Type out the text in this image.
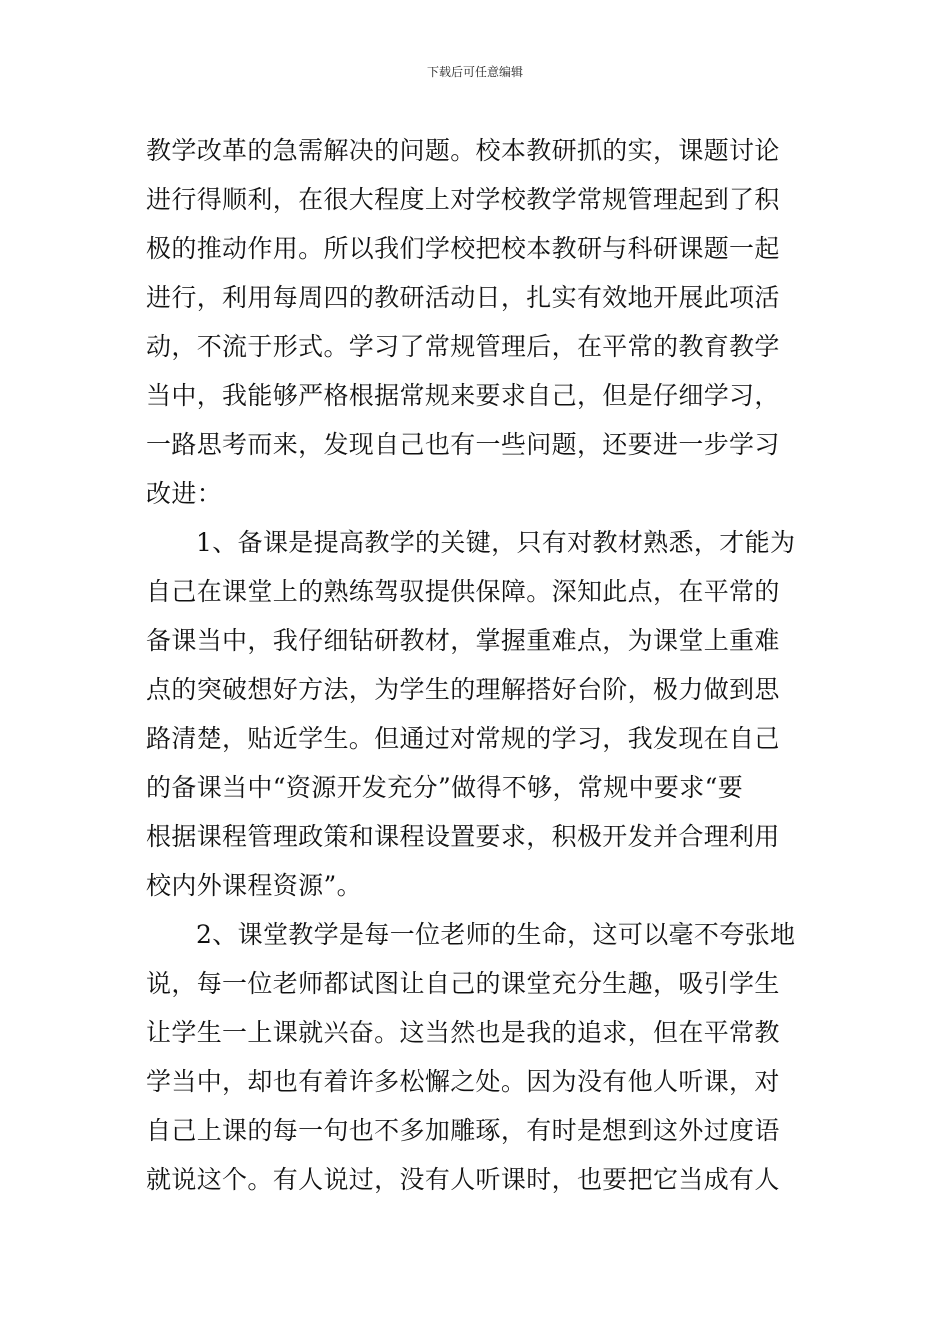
下载后可任意编辑
教学改革的急需解决的问题。校本教研抓的实，课题讨论
进行得顺利，在很大程度上对学校教学常规管理起到了积
极的推动作用。所以我们学校把校本教研与科研课题一起
进行，利用每周四的教研活动日，扎实有效地开展此项活
动，不流于形式。学习了常规管理后，在平常的教育教学
当中，我能够严格根据常规来要求自己，但是仔细学习，
一路思考而来，发现自己也有一些问题，还要进一步学习
改进：
1、备课是提高教学的关键，只有对教材熟悉，才能为
自己在课堂上的熟练驾驭提供保障。深知此点，在平常的
备课当中，我仔细钻研教材，掌握重难点，为课堂上重难
点的突破想好方法，为学生的理解搭好台阶，极力做到思
路清楚，贴近学生。但通过对常规的学习，我发现在自己
的备课当中“资源开发充分”做得不够，常规中要求“要
根据课程管理政策和课程设置要求，积极开发并合理利用
校内外课程资源”。
2、课堂教学是每一位老师的生命，这可以毫不夸张地
说，每一位老师都试图让自己的课堂充分生趣，吸引学生
让学生一上课就兴奋。这当然也是我的追求，但在平常教
学当中，却也有着许多松懈之处。因为没有他人听课，对
自己上课的每一句也不多加雕琢，有时是想到这外过度语
就说这个。有人说过，没有人听课时，也要把它当成有人
